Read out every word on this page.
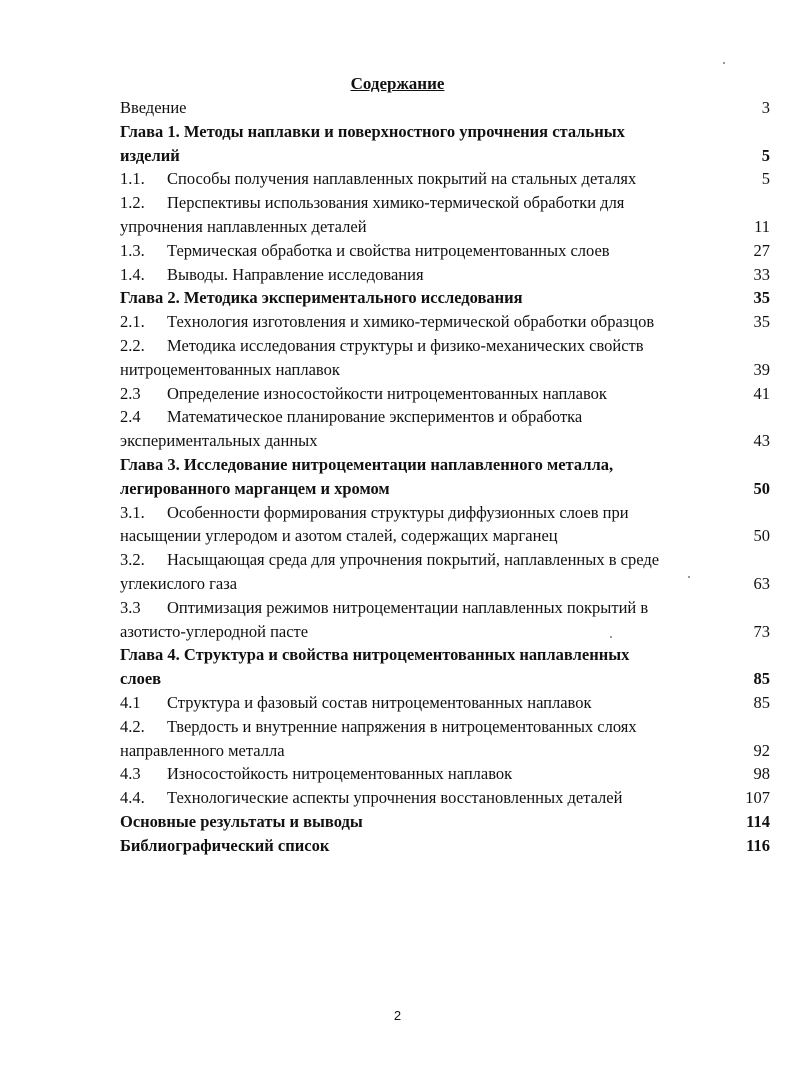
Содержание
Введение	3
Глава 1. Методы наплавки и поверхностного упрочнения стальных
изделий	5
1.1. Способы получения наплавленных покрытий на стальных деталях	5
1.2. Перспективы использования химико-термической обработки для
упрочнения наплавленных деталей	11
1.3. Термическая обработка и свойства нитроцементованных слоев	27
1.4. Выводы. Направление исследования	33
Глава 2. Методика экспериментального исследования	35
2.1. Технология изготовления и химико-термической обработки образцов	35
2.2. Методика исследования структуры и физико-механических свойств
нитроцементованных наплавок	39
2.3 Определение износостойкости нитроцементованных наплавок	41
2.4 Математическое планирование экспериментов и обработка
экспериментальных данных	43
Глава 3. Исследование нитроцементации наплавленного металла,
легированного марганцем и хромом	50
3.1. Особенности формирования структуры диффузионных слоев при
насыщении углеродом и азотом сталей, содержащих марганец	50
3.2. Насыщающая среда для упрочнения покрытий, наплавленных в среде
углекислого газа	63
3.3 Оптимизация режимов нитроцементации наплавленных покрытий в
азотисто-углеродной пасте	73
Глава 4. Структура и свойства нитроцементованных наплавленных
слоев	85
4.1 Структура и фазовый состав нитроцементованных наплавок	85
4.2. Твердость и внутренние напряжения в нитроцементованных слоях
направленного металла	92
4.3 Износостойкость нитроцементованных наплавок	98
4.4. Технологические аспекты упрочнения восстановленных деталей	107
Основные результаты и выводы	114
Библиографический список	116
2
